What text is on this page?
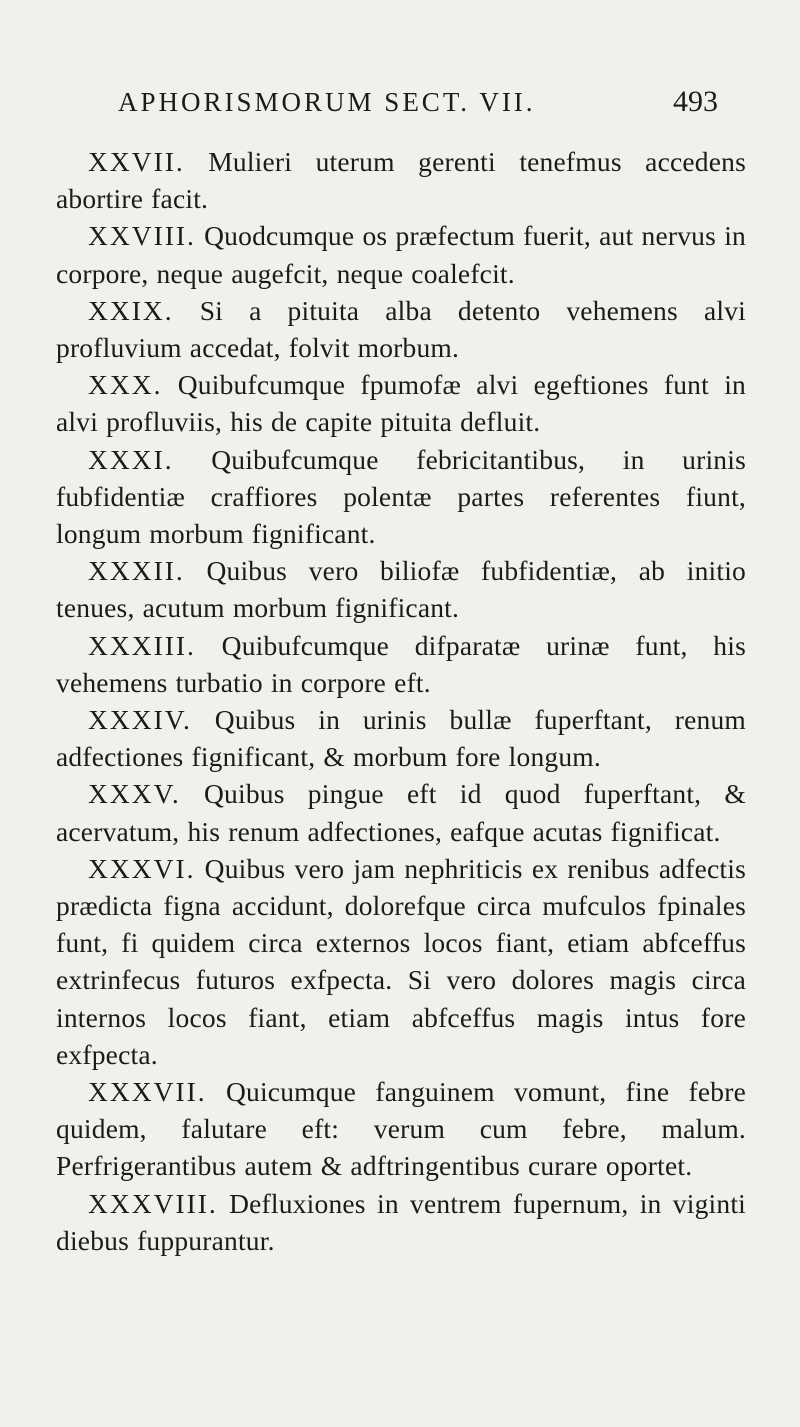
APHORISMORUM SECT. VII.	493

XXVII. Mulieri uterum gerenti tenefmus accedens abortire facit.

XXVIII. Quodcumque os præfectum fuerit, aut nervus in corpore, neque augefcit, neque coalefcit.

XXIX. Si a pituita alba detento vehemens alvi profluvium accedat, folvit morbum.

XXX. Quibufcumque fpumofæ alvi egeftiones funt in alvi profluviis, his de capite pituita defluit.

XXXI. Quibufcumque febricitantibus, in urinis fubfidentiæ craffiores polentæ partes referentes fiunt, longum morbum fignificant.

XXXII. Quibus vero biliofæ fubfidentiæ, ab initio tenues, acutum morbum fignificant.

XXXIII. Quibufcumque difparatæ urinæ funt, his vehemens turbatio in corpore eft.

XXXIV. Quibus in urinis bullæ fuperftant, renum adfectiones fignificant, & morbum fore longum.

XXXV. Quibus pingue eft id quod fuperftant, & acervatum, his renum adfectiones, eafque acutas fignificat.

XXXVI. Quibus vero jam nephriticis ex renibus adfectis prædicta figna accidunt, dolorefque circa mufculos fpinales funt, fi quidem circa externos locos fiant, etiam abfceffus extrinfecus futuros exfpecta. Si vero dolores magis circa internos locos fiant, etiam abfceffus magis intus fore exfpecta.

XXXVII. Quicumque fanguinem vomunt, fine febre quidem, falutare eft: verum cum febre, malum. Perfrigerantibus autem & adftringentibus curare oportet.

XXXVIII. Defluxiones in ventrem fupernum, in viginti diebus fuppurantur.
